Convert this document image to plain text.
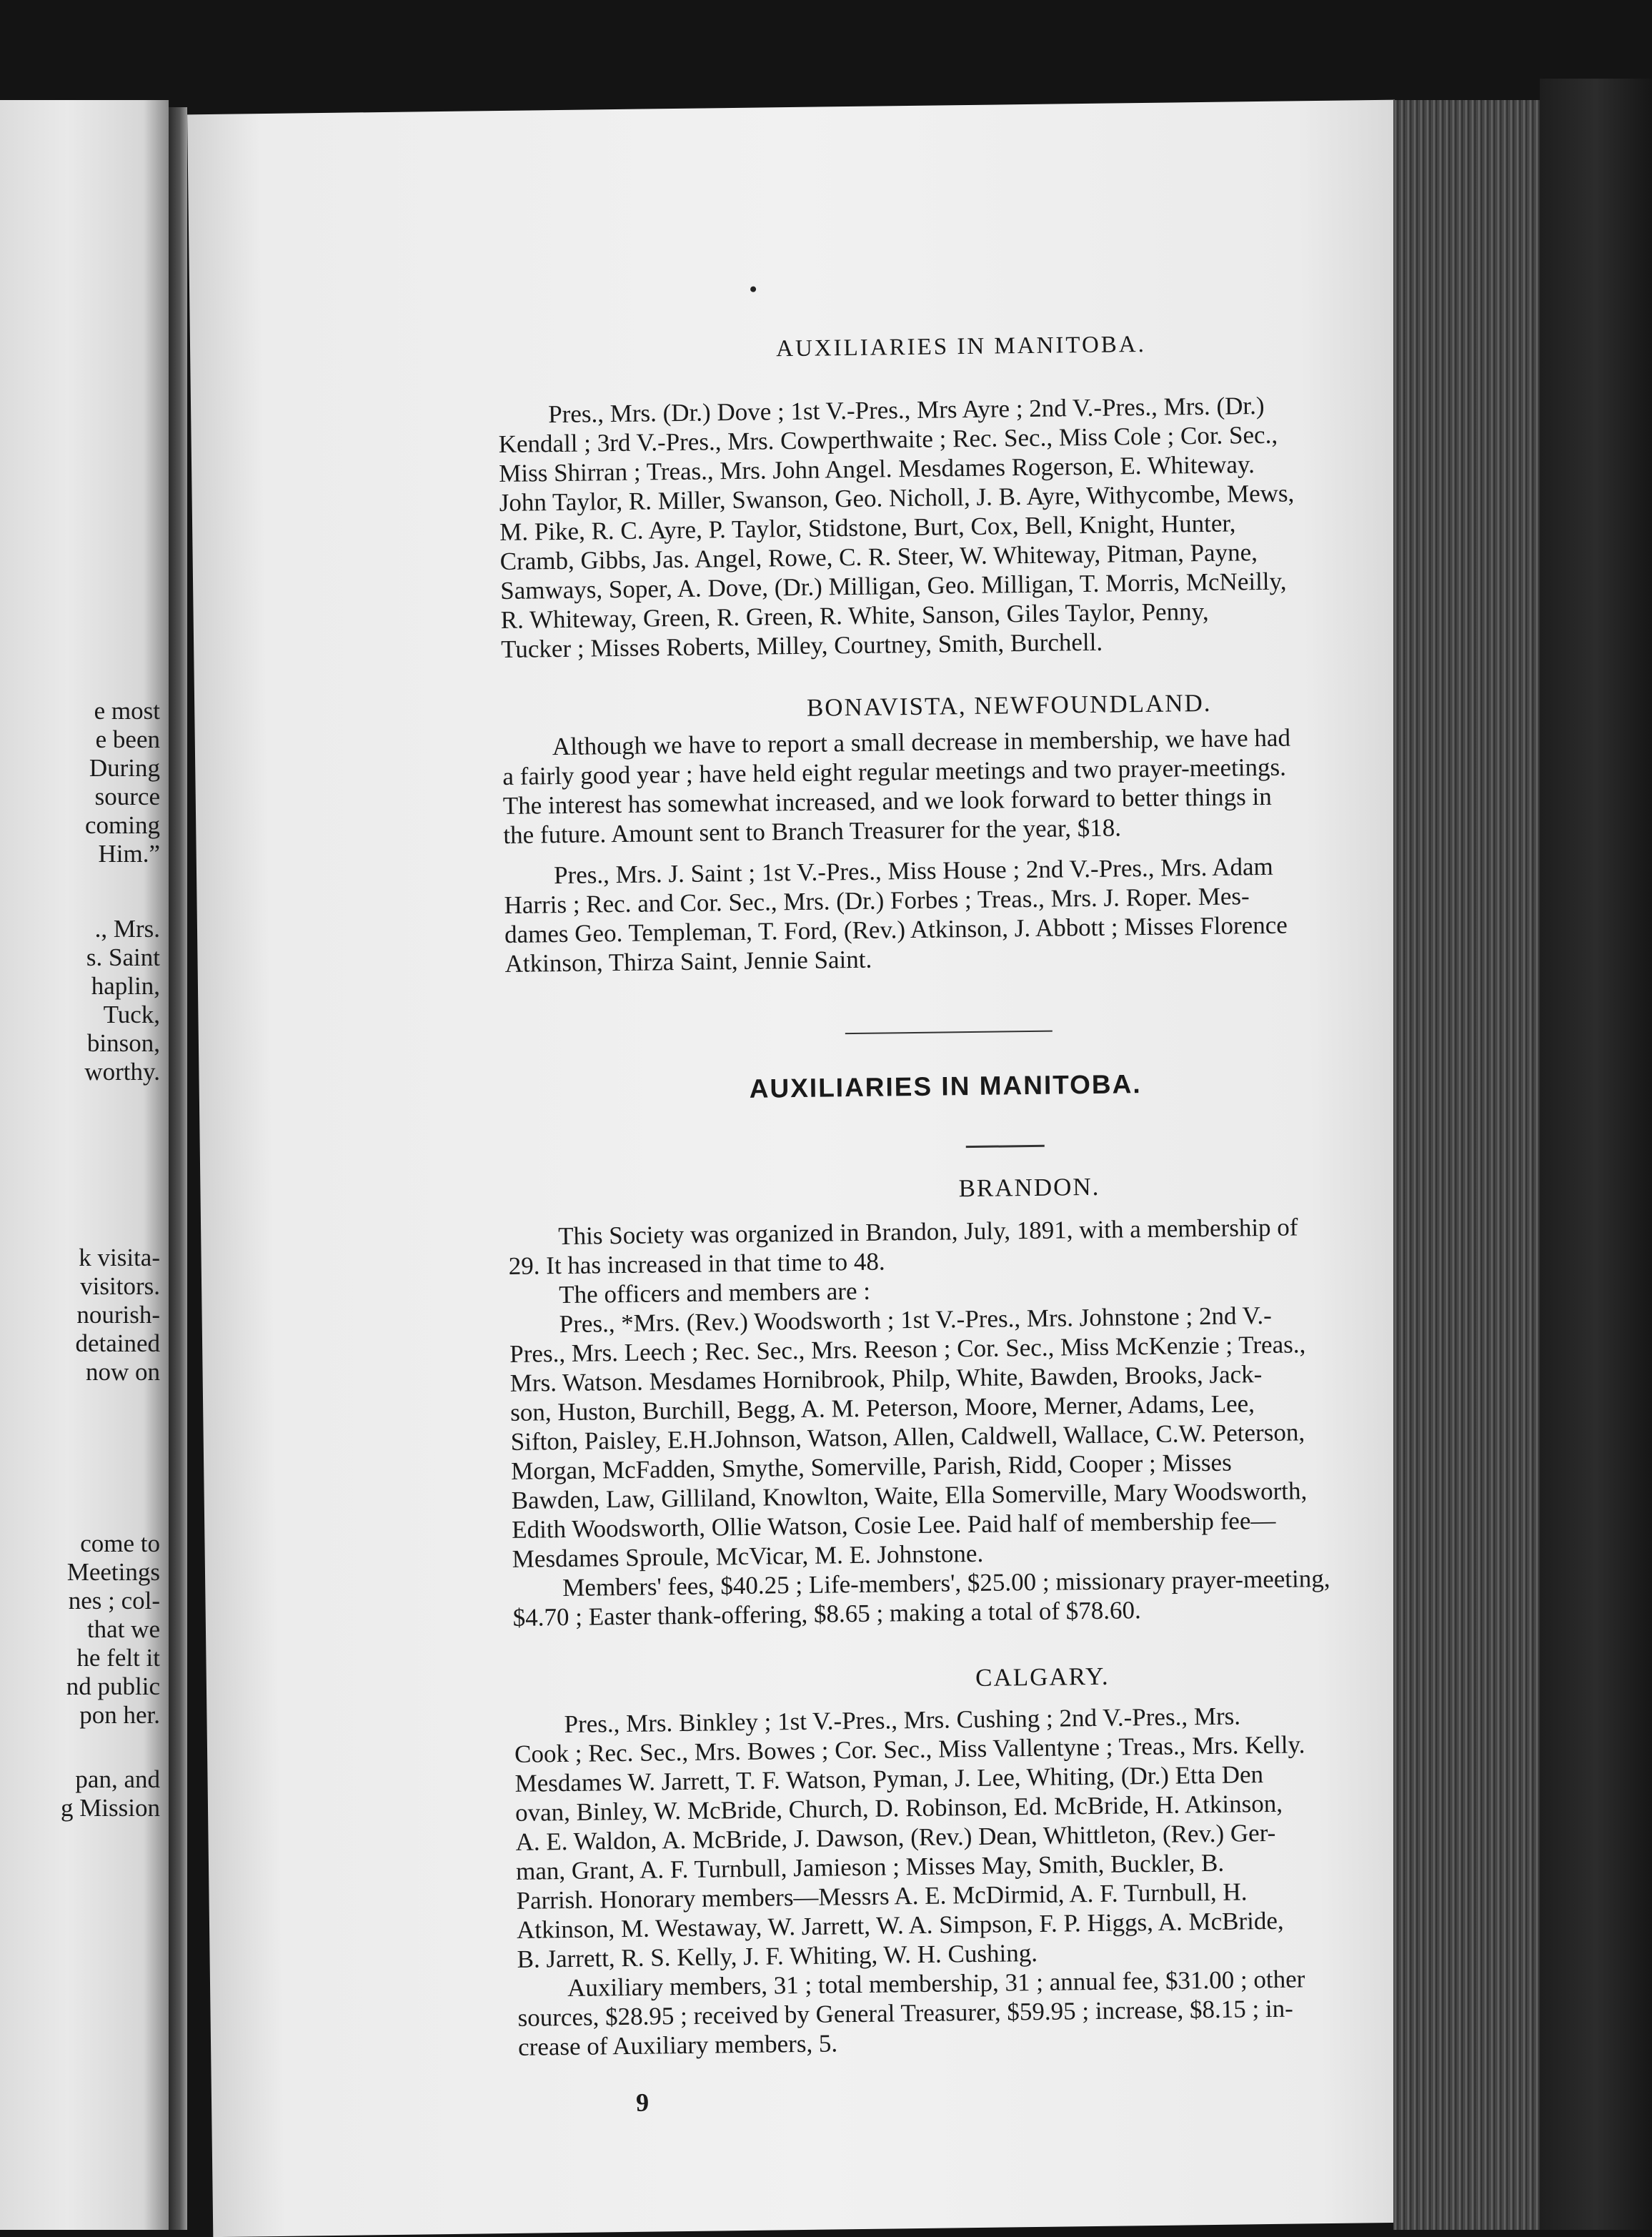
e most
e been
During
source
coming
Him.”
., Mrs.
s. Saint
haplin,
Tuck,
binson,
worthy.
k visita-
visitors.
nourish-
detained
now on
come to
Meetings
nes ; col-
that we
he felt it
nd public
pon her.
pan, and
g Mission
AUXILIARIES IN MANITOBA.
Pres., Mrs. (Dr.) Dove ; 1st V.-Pres., Mrs Ayre ; 2nd V.-Pres., Mrs. (Dr.)
Kendall ; 3rd V.-Pres., Mrs. Cowperthwaite ; Rec. Sec., Miss Cole ; Cor. Sec.,
Miss Shirran ; Treas., Mrs. John Angel. Mesdames Rogerson, E. Whiteway.
John Taylor, R. Miller, Swanson, Geo. Nicholl, J. B. Ayre, Withycombe, Mews,
M. Pike, R. C. Ayre, P. Taylor, Stidstone, Burt, Cox, Bell, Knight, Hunter,
Cramb, Gibbs, Jas. Angel, Rowe, C. R. Steer, W. Whiteway, Pitman, Payne,
Samways, Soper, A. Dove, (Dr.) Milligan, Geo. Milligan, T. Morris, McNeilly,
R. Whiteway, Green, R. Green, R. White, Sanson, Giles Taylor, Penny,
Tucker ; Misses Roberts, Milley, Courtney, Smith, Burchell.
BONAVISTA, NEWFOUNDLAND.
Although we have to report a small decrease in membership, we have had
a fairly good year ; have held eight regular meetings and two prayer-meetings.
The interest has somewhat increased, and we look forward to better things in
the future. Amount sent to Branch Treasurer for the year, $18.
Pres., Mrs. J. Saint ; 1st V.-Pres., Miss House ; 2nd V.-Pres., Mrs. Adam
Harris ; Rec. and Cor. Sec., Mrs. (Dr.) Forbes ; Treas., Mrs. J. Roper. Mes-
dames Geo. Templeman, T. Ford, (Rev.) Atkinson, J. Abbott ; Misses Florence
Atkinson, Thirza Saint, Jennie Saint.
AUXILIARIES IN MANITOBA.
BRANDON.
This Society was organized in Brandon, July, 1891, with a membership of
29. It has increased in that time to 48.
The officers and members are :
Pres., *Mrs. (Rev.) Woodsworth ; 1st V.-Pres., Mrs. Johnstone ; 2nd V.-
Pres., Mrs. Leech ; Rec. Sec., Mrs. Reeson ; Cor. Sec., Miss McKenzie ; Treas.,
Mrs. Watson. Mesdames Hornibrook, Philp, White, Bawden, Brooks, Jack-
son, Huston, Burchill, Begg, A. M. Peterson, Moore, Merner, Adams, Lee,
Sifton, Paisley, E.H.Johnson, Watson, Allen, Caldwell, Wallace, C.W. Peterson,
Morgan, McFadden, Smythe, Somerville, Parish, Ridd, Cooper ; Misses
Bawden, Law, Gilliland, Knowlton, Waite, Ella Somerville, Mary Woodsworth,
Edith Woodsworth, Ollie Watson, Cosie Lee. Paid half of membership fee—
Mesdames Sproule, McVicar, M. E. Johnstone.
Members' fees, $40.25 ; Life-members', $25.00 ; missionary prayer-meeting,
$4.70 ; Easter thank-offering, $8.65 ; making a total of $78.60.
CALGARY.
Pres., Mrs. Binkley ; 1st V.-Pres., Mrs. Cushing ; 2nd V.-Pres., Mrs.
Cook ; Rec. Sec., Mrs. Bowes ; Cor. Sec., Miss Vallentyne ; Treas., Mrs. Kelly.
Mesdames W. Jarrett, T. F. Watson, Pyman, J. Lee, Whiting, (Dr.) Etta Den
ovan, Binley, W. McBride, Church, D. Robinson, Ed. McBride, H. Atkinson,
A. E. Waldon, A. McBride, J. Dawson, (Rev.) Dean, Whittleton, (Rev.) Ger-
man, Grant, A. F. Turnbull, Jamieson ; Misses May, Smith, Buckler, B.
Parrish. Honorary members—Messrs A. E. McDirmid, A. F. Turnbull, H.
Atkinson, M. Westaway, W. Jarrett, W. A. Simpson, F. P. Higgs, A. McBride,
B. Jarrett, R. S. Kelly, J. F. Whiting, W. H. Cushing.
Auxiliary members, 31 ; total membership, 31 ; annual fee, $31.00 ; other
sources, $28.95 ; received by General Treasurer, $59.95 ; increase, $8.15 ; in-
crease of Auxiliary members, 5.
9
